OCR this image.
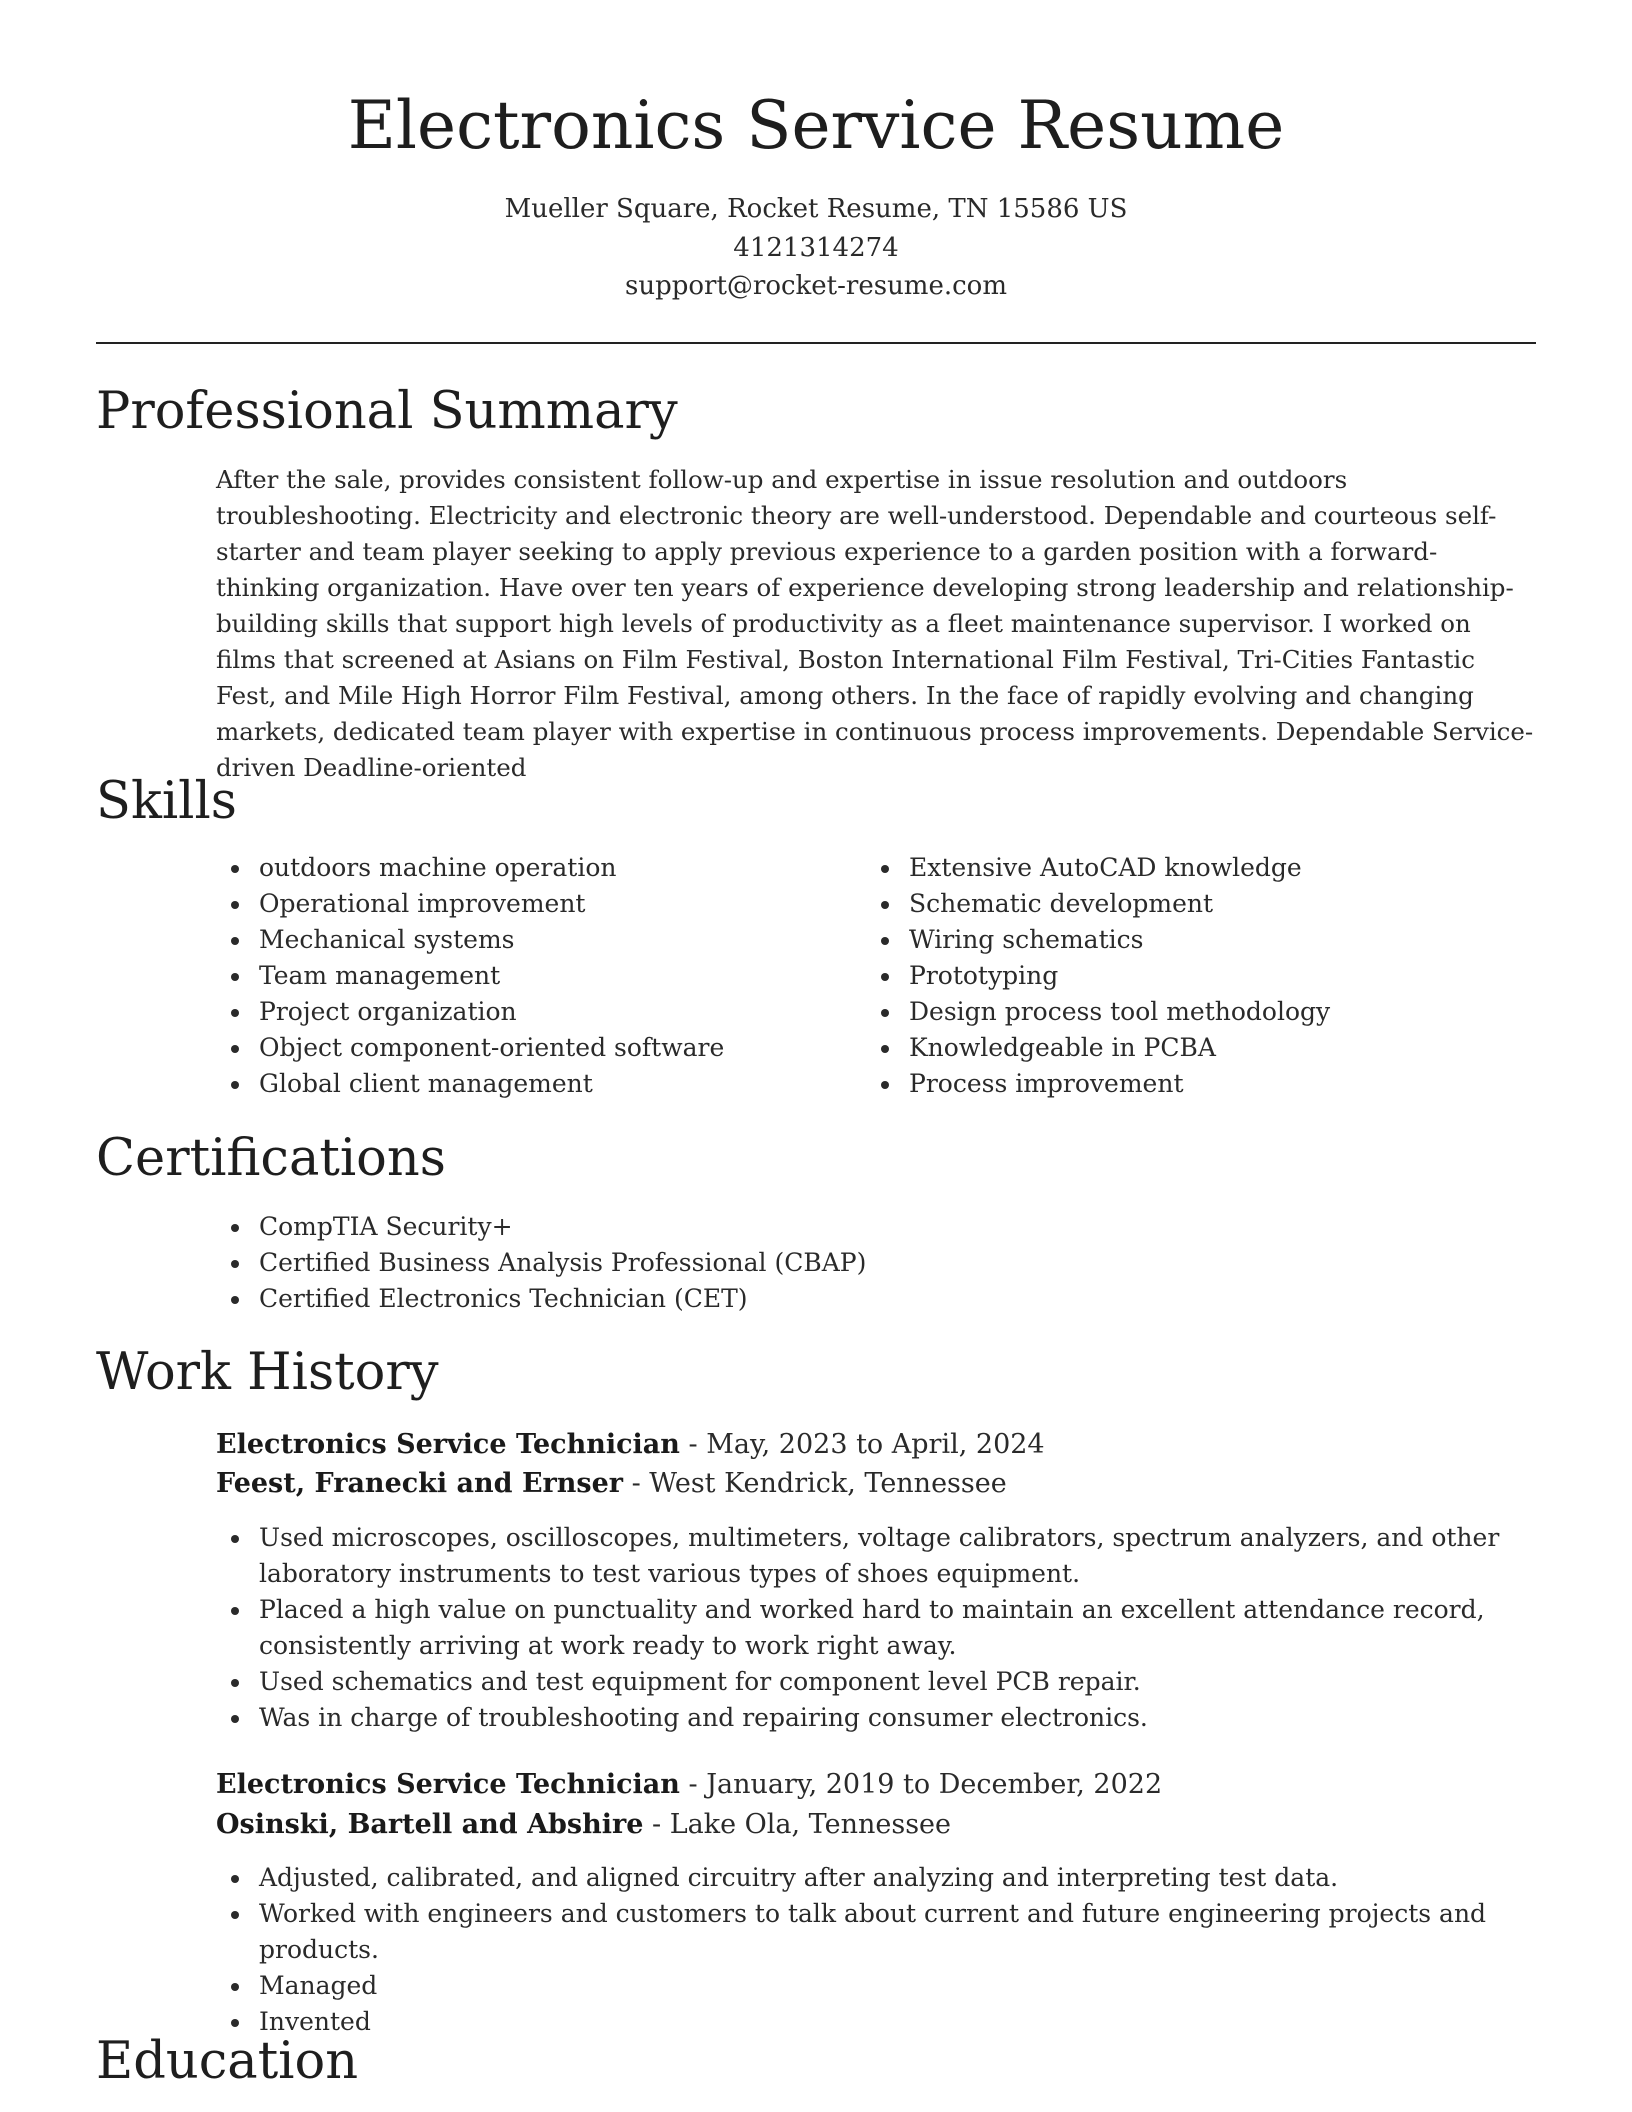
Electronics Service Resume
Mueller Square, Rocket Resume, TN 15586 US
4121314274
support@rocket-resume.com
Professional Summary

After the sale, provides consistent follow-up and expertise in issue resolution and outdoors troubleshooting. Electricity and electronic theory are well-understood. Dependable and courteous self-starter and team player seeking to apply previous experience to a garden position with a forward-thinking organization. Have over ten years of experience developing strong leadership and relationship-building skills that support high levels of productivity as a fleet maintenance supervisor. I worked on films that screened at Asians on Film Festival, Boston International Film Festival, Tri-Cities Fantastic Fest, and Mile High Horror Film Festival, among others. In the face of rapidly evolving and changing markets, dedicated team player with expertise in continuous process improvements. Dependable Service-driven Deadline-oriented

Skills
outdoors machine operation
Operational improvement
Mechanical systems
Team management
Project organization
Object component-oriented software
Global client management
Extensive AutoCAD knowledge
Schematic development
Wiring schematics
Prototyping
Design process tool methodology
Knowledgeable in PCBA
Process improvement
Certifications
CompTIA Security+
Certified Business Analysis Professional (CBAP)
Certified Electronics Technician (CET)
Work History
Electronics Service Technician - May, 2023 to April, 2024
Feest, Franecki and Ernser - West Kendrick, Tennessee
Used microscopes, oscilloscopes, multimeters, voltage calibrators, spectrum analyzers, and other laboratory instruments to test various types of shoes equipment.
Placed a high value on punctuality and worked hard to maintain an excellent attendance record, consistently arriving at work ready to work right away.
Used schematics and test equipment for component level PCB repair.
Was in charge of troubleshooting and repairing consumer electronics.
Electronics Service Technician - January, 2019 to December, 2022
Osinski, Bartell and Abshire - Lake Ola, Tennessee
Adjusted, calibrated, and aligned circuitry after analyzing and interpreting test data.
Worked with engineers and customers to talk about current and future engineering projects and products.
Managed
Invented
Education
